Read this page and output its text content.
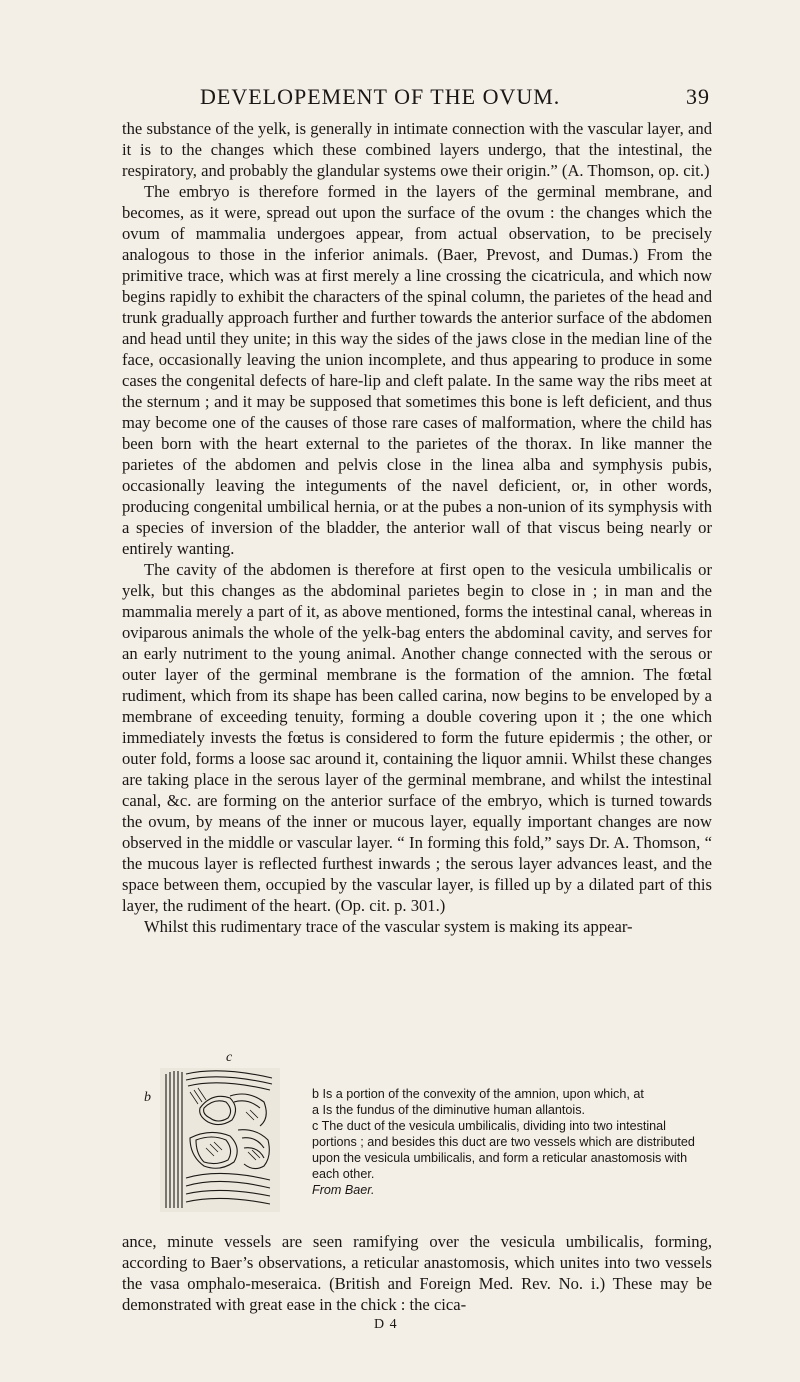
DEVELOPEMENT OF THE OVUM.	39

the substance of the yelk, is generally in intimate connection with the vascular layer, and it is to the changes which these combined layers undergo, that the intestinal, the respiratory, and probably the glandular systems owe their origin.” (A. Thomson, op. cit.)

The embryo is therefore formed in the layers of the germinal membrane, and becomes, as it were, spread out upon the surface of the ovum : the changes which the ovum of mammalia undergoes appear, from actual observation, to be precisely analogous to those in the inferior animals. (Baer, Prevost, and Dumas.) From the primitive trace, which was at first merely a line crossing the cicatricula, and which now begins rapidly to exhibit the characters of the spinal column, the parietes of the head and trunk gradually approach further and further towards the anterior surface of the abdomen and head until they unite; in this way the sides of the jaws close in the median line of the face, occasionally leaving the union incomplete, and thus appearing to produce in some cases the congenital defects of hare-lip and cleft palate. In the same way the ribs meet at the sternum ; and it may be supposed that sometimes this bone is left deficient, and thus may become one of the causes of those rare cases of malformation, where the child has been born with the heart external to the parietes of the thorax. In like manner the parietes of the abdomen and pelvis close in the linea alba and symphysis pubis, occasionally leaving the integuments of the navel deficient, or, in other words, producing congenital umbilical hernia, or at the pubes a non-union of its symphysis with a species of inversion of the bladder, the anterior wall of that viscus being nearly or entirely wanting.

The cavity of the abdomen is therefore at first open to the vesicula umbilicalis or yelk, but this changes as the abdominal parietes begin to close in ; in man and the mammalia merely a part of it, as above mentioned, forms the intestinal canal, whereas in oviparous animals the whole of the yelk-bag enters the abdominal cavity, and serves for an early nutriment to the young animal. Another change connected with the serous or outer layer of the germinal membrane is the formation of the amnion. The fœtal rudiment, which from its shape has been called carina, now begins to be enveloped by a membrane of exceeding tenuity, forming a double covering upon it ; the one which immediately invests the fœtus is considered to form the future epidermis ; the other, or outer fold, forms a loose sac around it, containing the liquor amnii. Whilst these changes are taking place in the serous layer of the germinal membrane, and whilst the intestinal canal, &c. are forming on the anterior surface of the embryo, which is turned towards the ovum, by means of the inner or mucous layer, equally important changes are now observed in the middle or vascular layer. “ In forming this fold,” says Dr. A. Thomson, “ the mucous layer is reflected furthest inwards ; the serous layer advances least, and the space between them, occupied by the vascular layer, is filled up by a dilated part of this layer, the rudiment of the heart. (Op. cit. p. 301.)

Whilst this rudimentary trace of the vascular system is making its appear-

c
b	b Is a portion of the convexity of the amnion, upon which, at

a Is the fundus of the diminutive human allantois.

c The duct of the vesicula umbilicalis, dividing into two intestinal portions ; and besides this duct are two vessels which are distributed upon the vesicula umbilicalis, and form a reticular anastomosis with each other.

From Baer.

ance, minute vessels are seen ramifying over the vesicula umbilicalis, forming, according to Baer’s observations, a reticular anastomosis, which unites into two vessels the vasa omphalo-meseraica. (British and Foreign Med. Rev. No. i.) These may be demonstrated with great ease in the chick : the cica-

D 4
